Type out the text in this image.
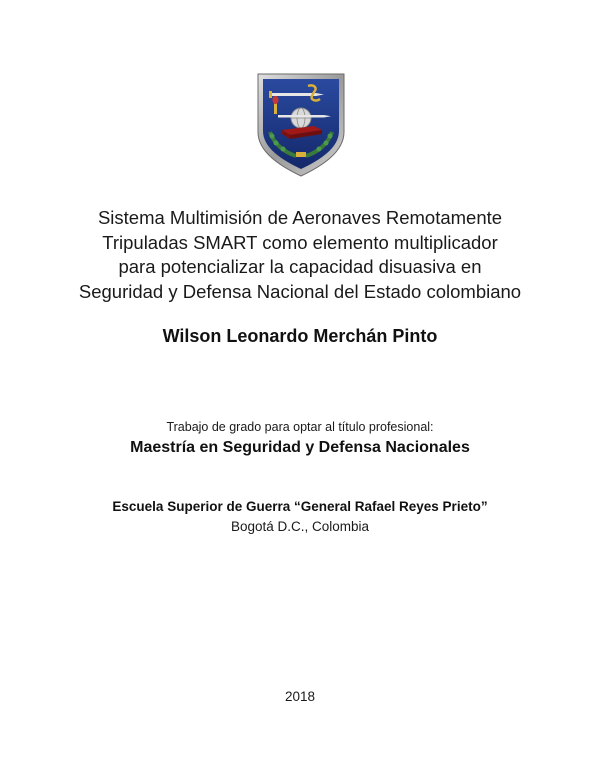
Sistema Multimisión de Aeronaves Remotamente
Tripuladas SMART como elemento multiplicador
para potencializar la capacidad disuasiva en
Seguridad y Defensa Nacional del Estado colombiano
Wilson Leonardo Merchán Pinto
Trabajo de grado para optar al título profesional:
Maestría en Seguridad y Defensa Nacionales
Escuela Superior de Guerra “General Rafael Reyes Prieto”
Bogotá D.C., Colombia
2018
